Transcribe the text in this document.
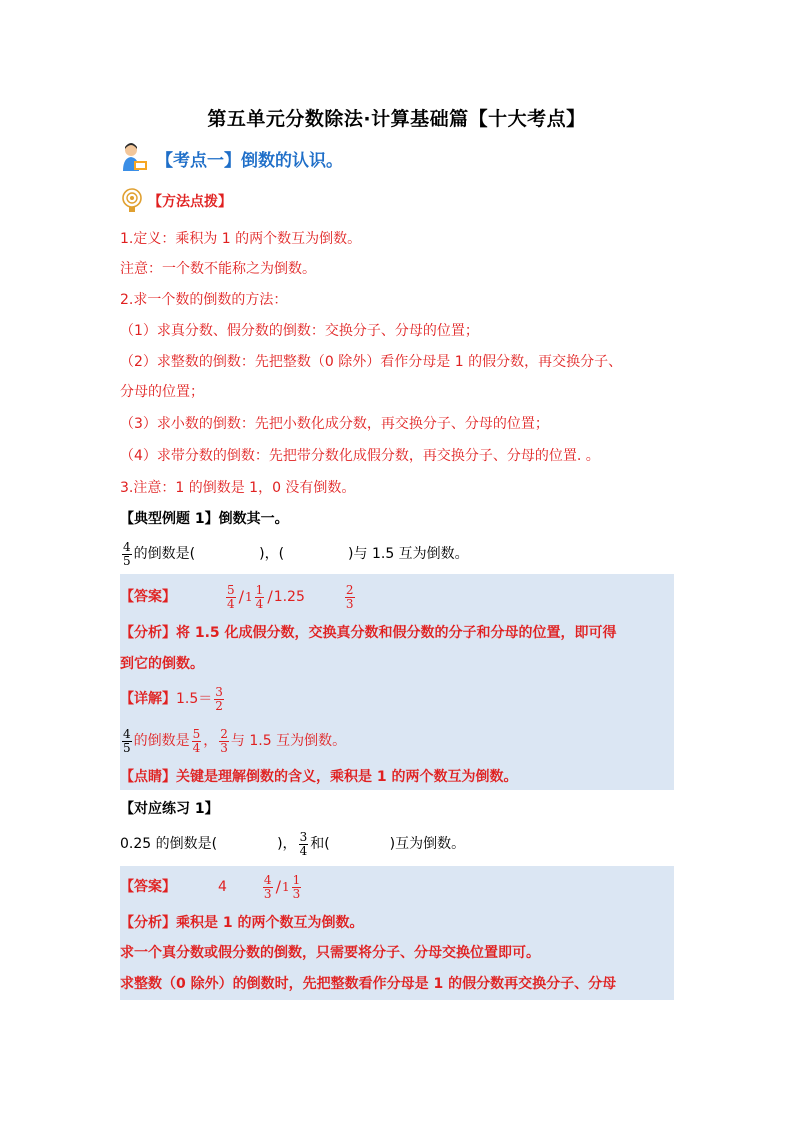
第五单元分数除法·计算基础篇【十大考点】
【考点一】倒数的认识。
【方法点拨】
1.定义：乘积为 1 的两个数互为倒数。
注意：一个数不能称之为倒数。
2.求一个数的倒数的方法：
（1）求真分数、假分数的倒数：交换分子、分母的位置；
（2）求整数的倒数：先把整数（0 除外）看作分母是 1 的假分数，再交换分子、
分母的位置；
（3）求小数的倒数：先把小数化成分数，再交换分子、分母的位置；
（4）求带分数的倒数：先把带分数化成假分数，再交换分子、分母的位置. 。
3.注意：1 的倒数是 1，0 没有倒数。
【典型例题 1】倒数其一。
$\frac{4}{5}$ 的倒数是(	)，(	)与 1.5 互为倒数。
【答案】	$\frac{5}{4} / 1 \frac{1}{4} / 1.25$	$\frac{2}{3}$
【分析】将 1.5 化成假分数，交换真分数和假分数的分子和分母的位置，即可得
到它的倒数。
【详解】 $1.5= \frac{3}{2}$
$\frac{4}{5}$ 的倒数是 $\frac{5}{4}$ ， $\frac{2}{3}$ 与 1.5 互为倒数。
【点睛】关键是理解倒数的含义，乘积是 1 的两个数互为倒数。
【对应练习 1】
0.25 的倒数是(	)， $\frac{3}{4}$ 和(	)互为倒数。
【答案】	4	$\frac{4}{3} / 1 \frac{1}{3}$
【分析】乘积是 1 的两个数互为倒数。
求一个真分数或假分数的倒数，只需要将分子、分母交换位置即可。
求整数（0 除外）的倒数时，先把整数看作分母是 1 的假分数再交换分子、分母
